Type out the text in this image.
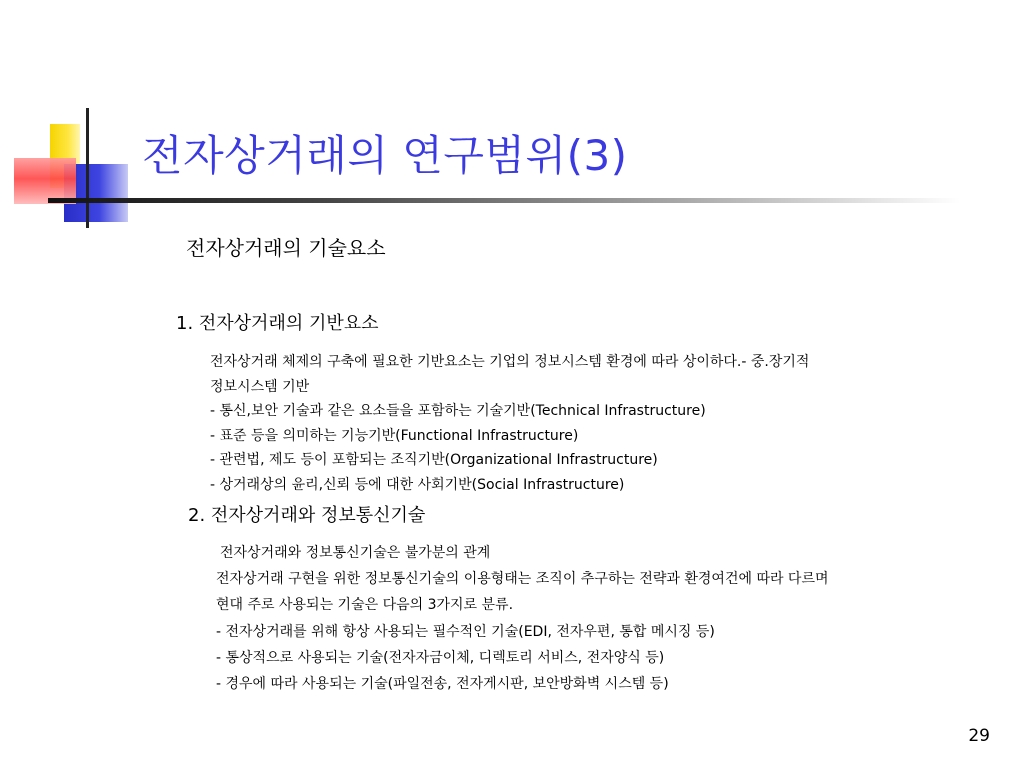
전자상거래의 연구범위(3)
전자상거래의 기술요소
1. 전자상거래의 기반요소
전자상거래 체제의 구축에 필요한 기반요소는 기업의 정보시스템 환경에 따라 상이하다.- 중.장기적
정보시스템 기반
- 통신,보안 기술과 같은 요소들을 포함하는 기술기반(Technical Infrastructure)
- 표준 등을 의미하는 기능기반(Functional Infrastructure)
- 관련법, 제도 등이 포함되는 조직기반(Organizational Infrastructure)
- 상거래상의 윤리,신뢰 등에 대한 사회기반(Social Infrastructure)
2. 전자상거래와 정보통신기술
전자상거래와 정보통신기술은 불가분의 관계
전자상거래 구현을 위한 정보통신기술의 이용형태는 조직이 추구하는 전략과 환경여건에 따라 다르며
현대 주로 사용되는 기술은 다음의 3가지로 분류.
- 전자상거래를 위해 항상 사용되는 필수적인 기술(EDI, 전자우편, 통합 메시징 등)
- 통상적으로 사용되는 기술(전자자금이체, 디렉토리 서비스, 전자양식 등)
- 경우에 따라 사용되는 기술(파일전송, 전자게시판, 보안방화벽 시스템 등)
29
